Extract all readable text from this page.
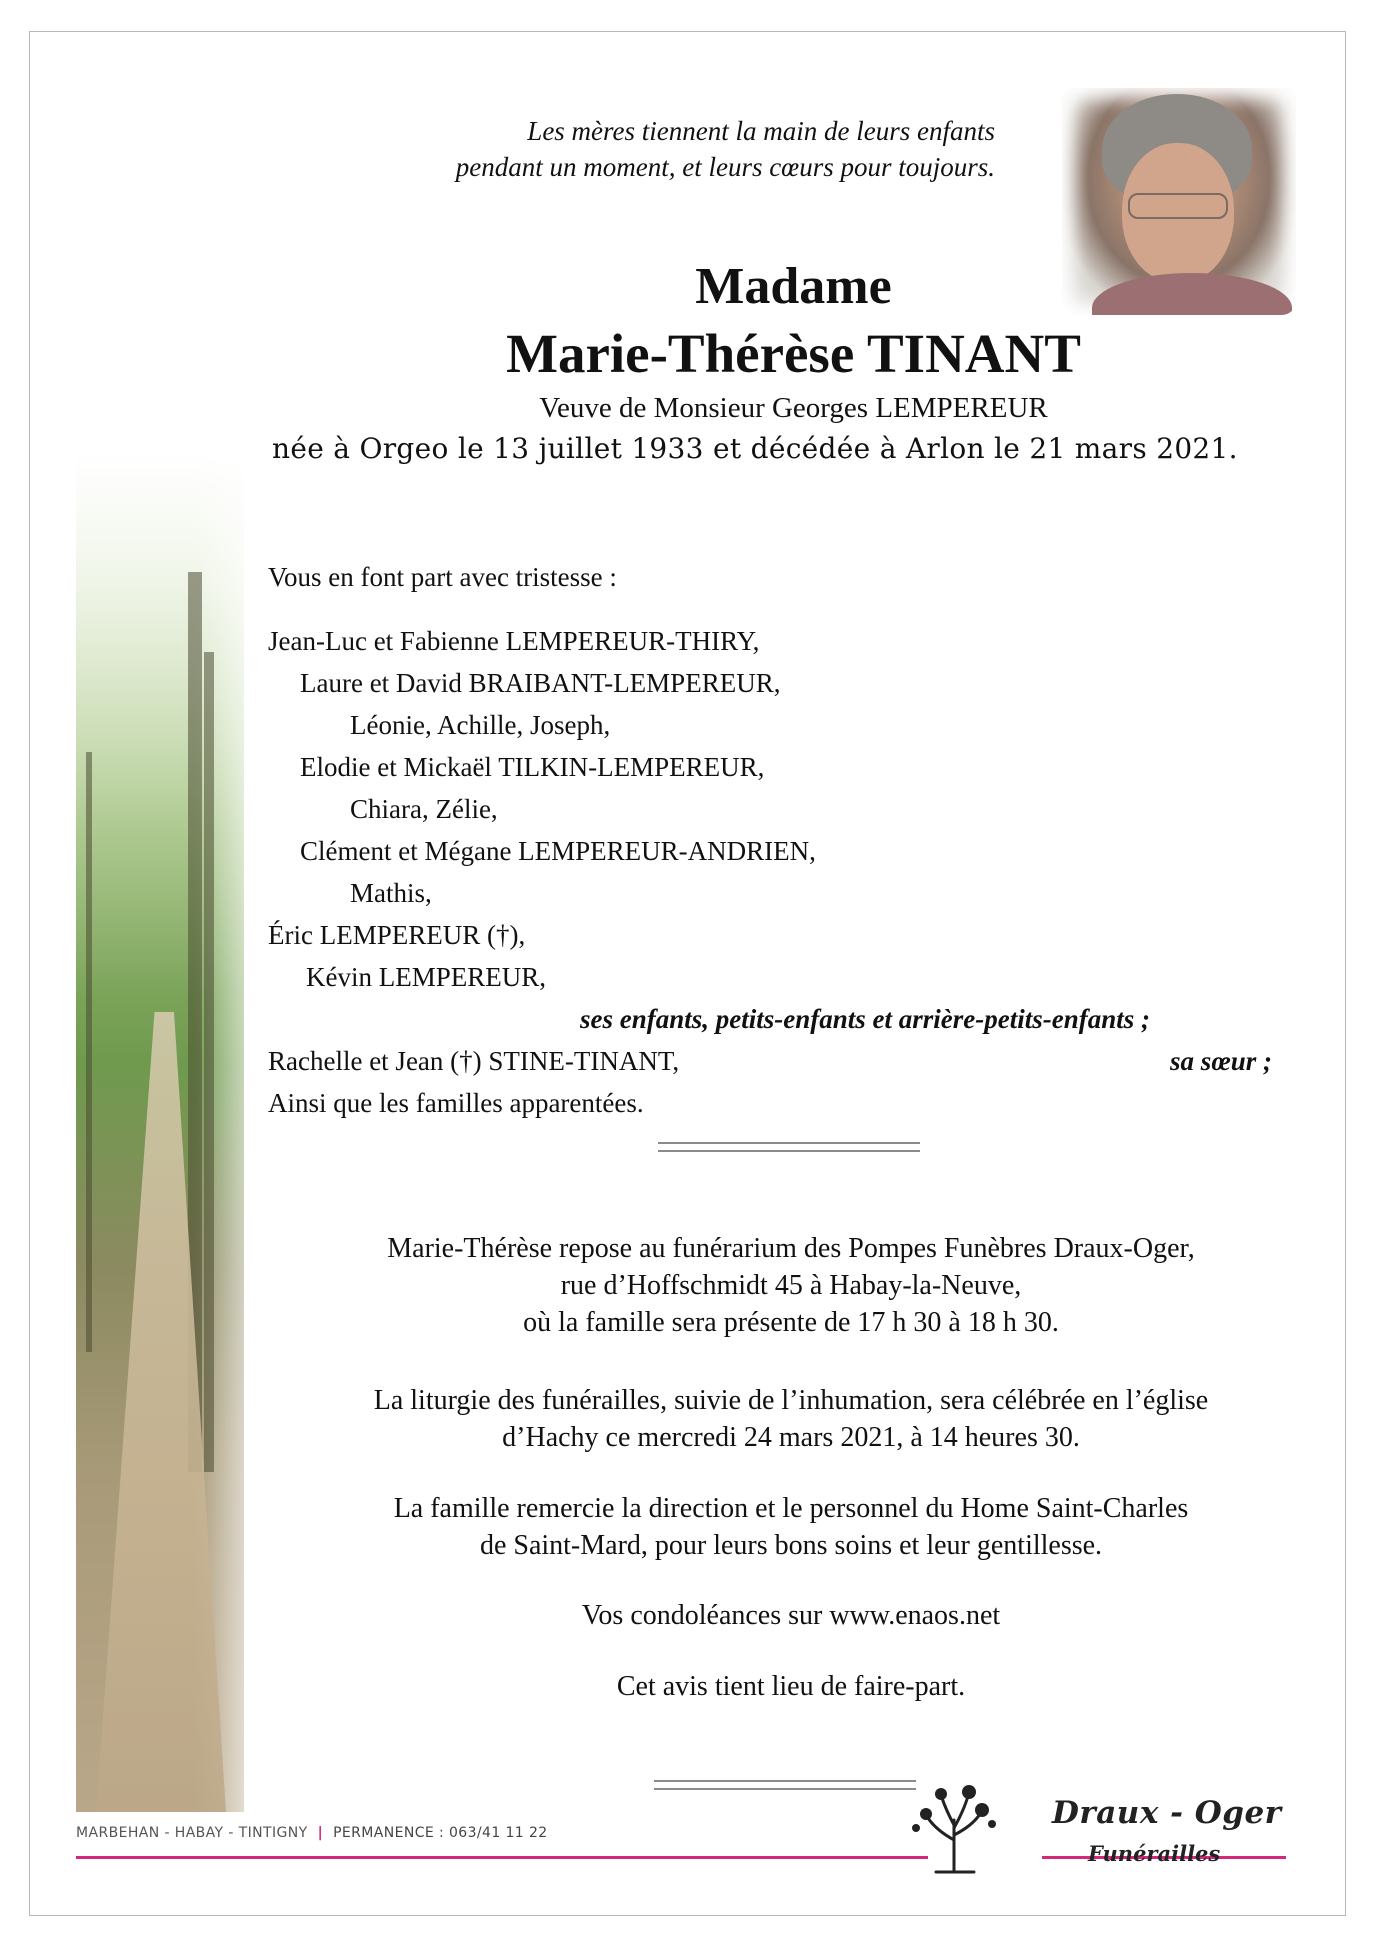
Les mères tiennent la main de leurs enfants
pendant un moment, et leurs cœurs pour toujours.
Madame
Marie-Thérèse TINANT
Veuve de Monsieur Georges LEMPEREUR
née à Orgeo le 13 juillet 1933 et décédée à Arlon le 21 mars 2021.
Vous en font part avec tristesse :
Jean-Luc et Fabienne LEMPEREUR-THIRY,
Laure et David BRAIBANT-LEMPEREUR,
Léonie, Achille, Joseph,
Elodie et Mickaël TILKIN-LEMPEREUR,
Chiara, Zélie,
Clément et Mégane LEMPEREUR-ANDRIEN,
Mathis,
Éric LEMPEREUR (†),
Kévin LEMPEREUR,
ses enfants, petits-enfants et arrière-petits-enfants ;
Rachelle et Jean (†) STINE-TINANT,	sa sœur ;
Ainsi que les familles apparentées.

Marie-Thérèse repose au funérarium des Pompes Funèbres Draux-Oger,

rue d’Hoffschmidt 45 à Habay-la-Neuve,

où la famille sera présente de 17 h 30 à 18 h 30.

La liturgie des funérailles, suivie de l’inhumation, sera célébrée en l’église

d’Hachy ce mercredi 24 mars 2021, à 14 heures 30.

La famille remercie la direction et le personnel du Home Saint-Charles

de Saint-Mard, pour leurs bons soins et leur gentillesse.

Vos condoléances sur www.enaos.net

Cet avis tient lieu de faire-part.

MARBEHAN - HABAY - TINTIGNY | PERMANENCE : 063/41 11 22
Draux - Oger
Funérailles
